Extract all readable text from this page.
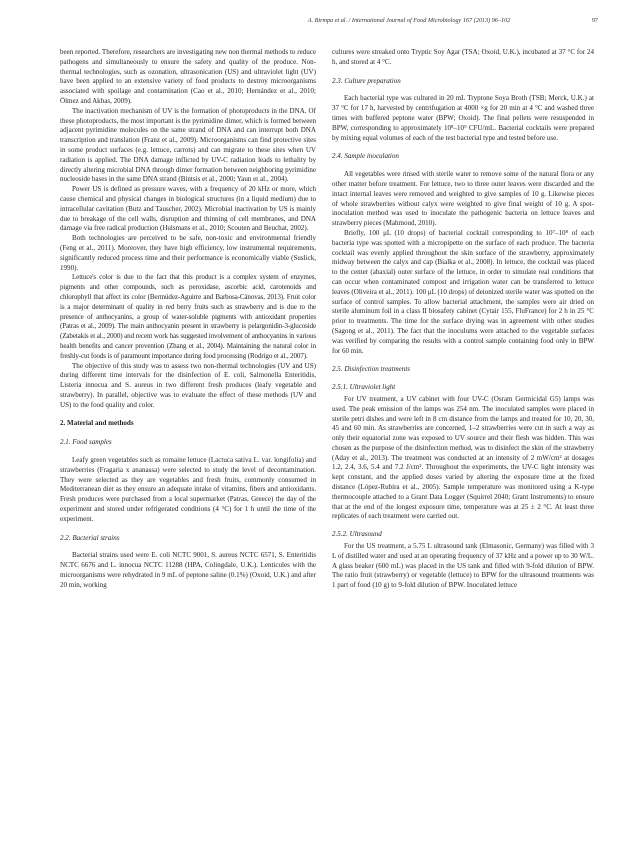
A. Birmpa et al. / International Journal of Food Microbiology 167 (2013) 96–102	97

been reported. Therefore, researchers are investigating new non thermal methods to reduce pathogens and simultaneously to ensure the safety and quality of the produce. Non-thermal technologies, such as ozonation, ultrasonication (US) and ultraviolet light (UV) have been applied to an extensive variety of food products to destroy microorganisms associated with spoilage and contamination (Cao et al., 2010; Hernández et al., 2010; Ölmez and Akbas, 2009).

The inactivation mechanism of UV is the formation of photoproducts in the DNA. Of these photoproducts, the most important is the pyrimidine dimer, which is formed between adjacent pyrimidine molecules on the same strand of DNA and can interrupt both DNA transcription and translation (Franz et al., 2009). Microorganisms can find protective sites in some product surfaces (e.g. lettuce, carrots) and can migrate to these sites when UV radiation is applied. The DNA damage inflicted by UV-C radiation leads to lethality by directly altering microbial DNA through dimer formation between neighboring pyrimidine nucleoside bases in the same DNA strand (Bintsis et al., 2000; Yaun et al., 2004).

Power US is defined as pressure waves, with a frequency of 20 kHz or more, which cause chemical and physical changes in biological structures (in a liquid medium) due to intracellular cavitation (Butz and Tauscher, 2002). Microbial inactivation by US is mainly due to breakage of the cell walls, disruption and thinning of cell membranes, and DNA damage via free radical production (Hulsmans et al., 2010; Scouten and Beuchat, 2002).

Both technologies are perceived to be safe, non-toxic and environmental friendly (Feng et al., 2011). Moreover, they have high efficiency, low instrumental requirements, significantly reduced process time and their performance is economically viable (Suslick, 1990).

Lettuce's color is due to the fact that this product is a complex system of enzymes, pigments and other compounds, such as peroxidase, ascorbic acid, carotenoids and chlorophyll that affect its color (Bermúdez-Aguirre and Barbosa-Cánovas, 2013). Fruit color is a major determinant of quality in red berry fruits such as strawberry and is due to the presence of anthocyanins, a group of water-soluble pigments with antioxidant properties (Patras et al., 2009). The main anthocyanin present in strawberry is pelargonidin-3-glucoside (Zabetakis et al., 2000) and recent work has suggested involvement of anthocyanins in various health benefits and cancer prevention (Zhang et al., 2004). Maintaining the natural color in freshly-cut foods is of paramount importance during food processing (Rodrigo et al., 2007).

The objective of this study was to assess two non-thermal technologies (UV and US) during different time intervals for the disinfection of E. coli, Salmonella Enteritidis, Listeria innocua and S. aureus in two different fresh produces (leafy vegetable and strawberry). In parallel, objective was to evaluate the effect of these methods (UV and US) to the food quality and color.

2. Material and methods
2.1. Food samples

Leafy green vegetables such as romaine lettuce (Lactuca sativa L. var. longifolia) and strawberries (Fragaria x ananassa) were selected to study the level of decontamination. They were selected as they are vegetables and fresh fruits, commonly consumed in Mediterranean diet as they ensure an adequate intake of vitamins, fibers and antioxidants. Fresh produces were purchased from a local supermarket (Patras, Greece) the day of the experiment and stored under refrigerated conditions (4 °C) for 1 h until the time of the experiment.

2.2. Bacterial strains

Bacterial strains used were E. coli NCTC 9001, S. aureus NCTC 6571, S. Enteritidis NCTC 6676 and L. innocua NCTC 11288 (HPA, Colingdale, U.K.). Lenticules with the microorganisms were rehydrated in 9 mL of peptone saline (0.1%) (Oxoid, U.K.) and after 20 min, working

cultures were streaked onto Tryptic Soy Agar (TSA; Oxoid, U.K.), incubated at 37 °C for 24 h, and stored at 4 °C.

2.3. Culture preparation

Each bacterial type was cultured in 20 mL Tryptone Soya Broth (TSB; Merck, U.K.) at 37 °C for 17 h, harvested by centrifugation at 4000 ×g for 20 min at 4 °C and washed three times with buffered peptone water (BPW; Oxoid). The final pellets were resuspended in BPW, corresponding to approximately 10⁸–10⁹ CFU/mL. Bacterial cocktails were prepared by mixing equal volumes of each of the test bacterial type and tested before use.

2.4. Sample inoculation

All vegetables were rinsed with sterile water to remove some of the natural flora or any other matter before treatment. For lettuce, two to three outer leaves were discarded and the intact internal leaves were removed and weighted to give samples of 10 g. Likewise pieces of whole strawberries without calyx were weighted to give final weight of 10 g. A spot-inoculation method was used to inoculate the pathogenic bacteria on lettuce leaves and strawberry pieces (Mahmoud, 2010).

Briefly, 100 μL (10 drops) of bacterial cocktail corresponding to 10⁷–10⁸ of each bacteria type was spotted with a micropipette on the surface of each produce. The bacteria cocktail was evenly applied throughout the skin surface of the strawberry, approximately midway between the calyx and cap (Bialka et al., 2008). In lettuce, the cocktail was placed to the center (abaxial) outer surface of the lettuce, in order to simulate real conditions that can occur when contaminated compost and irrigation water can be transferred to lettuce leaves (Oliveira et al., 2011). 100 μL (10 drops) of deionized sterile water was spotted on the surface of control samples. To allow bacterial attachment, the samples were air dried on sterile aluminum foil in a class II biosafety cabinet (Cytair 155, FluFrance) for 2 h in 25 °C prior to treatments. The time for the surface drying was in agreement with other studies (Sagong et al., 2011). The fact that the inoculums were attached to the vegetable surfaces was verified by comparing the results with a control sample containing food only in BPW for 60 min.

2.5. Disinfection treatments
2.5.1. Ultraviolet light

For UV treatment, a UV cabinet with four UV-C (Osram Germicidal G5) lamps was used. The peak emission of the lamps was 254 nm. The inoculated samples were placed in sterile petri dishes and were left in 8 cm distance from the lamps and treated for 10, 20, 30, 45 and 60 min. As strawberries are concerned, 1–2 strawberries were cut in such a way as only their equatorial zone was exposed to UV source and their flesh was hidden. This was chosen as the purpose of the disinfection method, was to disinfect the skin of the strawberry (Aday et al., 2013). The treatment was conducted at an intensity of 2 mW/cm² at dosages 1.2, 2.4, 3.6, 5.4 and 7.2 J/cm². Throughout the experiments, the UV-C light intensity was kept constant, and the applied doses varied by altering the exposure time at the fixed distance (López-Rubira et al., 2005). Sample temperature was monitored using a K-type thermocouple attached to a Grant Data Logger (Squirrel 2040; Grant Instruments) to ensure that at the end of the longest exposure time, temperature was at 25 ± 2 °C. At least three replicates of each treatment were carried out.

2.5.2. Ultrasound

For the US treatment, a 5.75 L ultrasound tank (Elmasonic, Germany) was filled with 3 L of distilled water and used at an operating frequency of 37 kHz and a power up to 30 W/L. A glass beaker (600 mL) was placed in the US tank and filled with 9-fold dilution of BPW. The ratio fruit (strawberry) or vegetable (lettuce) to BPW for the ultrasound treatments was 1 part of food (10 g) to 9-fold dilution of BPW. Inoculated lettuce
